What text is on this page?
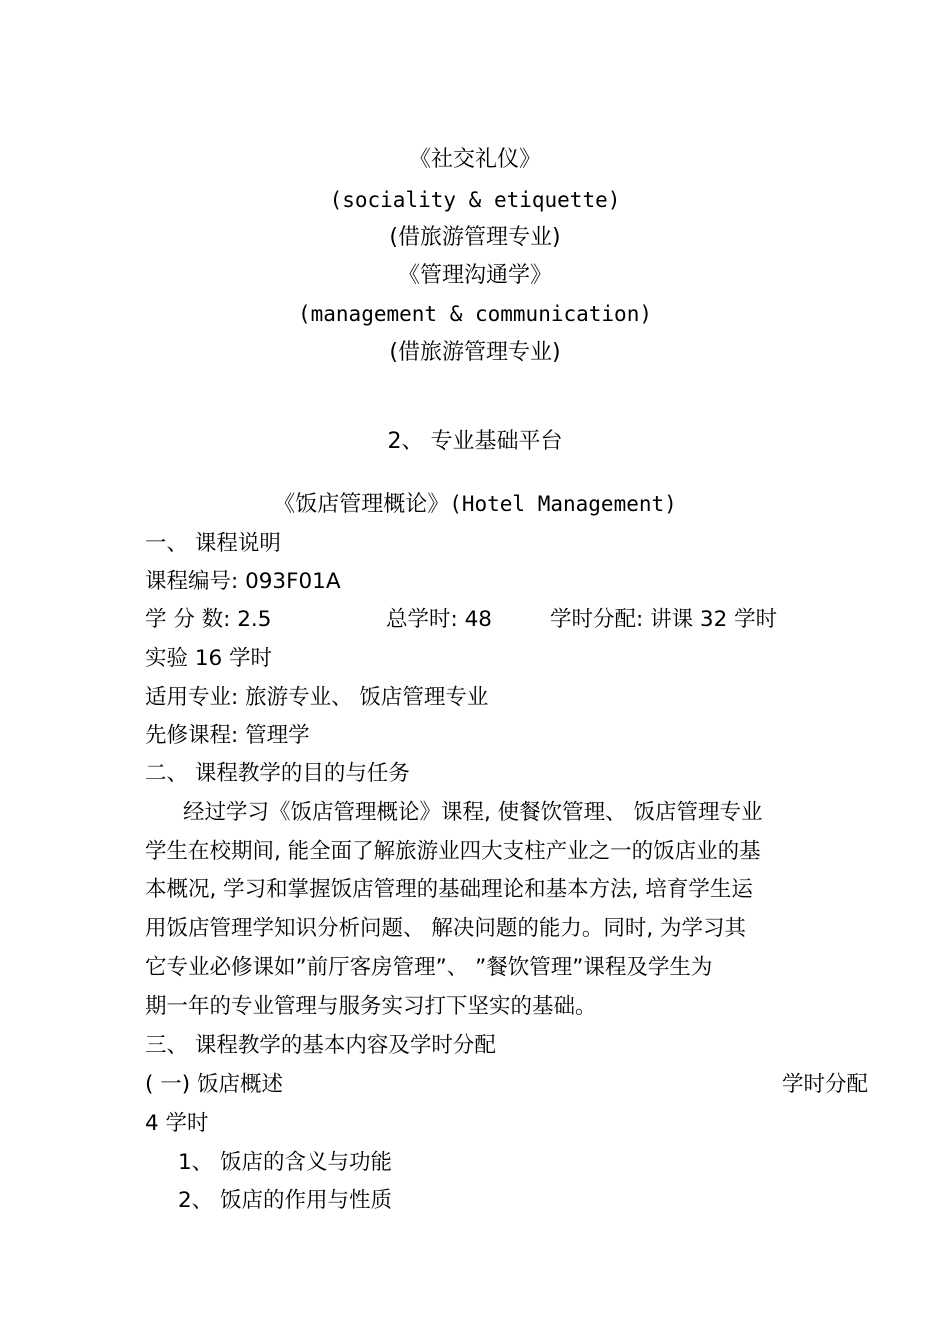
《社交礼仪》
(sociality & etiquette)
(借旅游管理专业)
《管理沟通学》
(management & communication)
(借旅游管理专业)
2、 专业基础平台
《饭店管理概论》(Hotel Management)
一、 课程说明
课程编号: 093F01A
学 分 数: 2.5	总学时: 48	学时分配: 讲课 32 学时
实验 16 学时
适用专业: 旅游专业、 饭店管理专业
先修课程: 管理学
二、 课程教学的目的与任务
经过学习《饭店管理概论》课程, 使餐饮管理、 饭店管理专业
学生在校期间, 能全面了解旅游业四大支柱产业之一的饭店业的基
本概况, 学习和掌握饭店管理的基础理论和基本方法, 培育学生运
用饭店管理学知识分析问题、 解决问题的能力。同时, 为学习其
它专业必修课如”前厅客房管理”、 ”餐饮管理”课程及学生为
期一年的专业管理与服务实习打下坚实的基础。
三、 课程教学的基本内容及学时分配
( 一) 饭店概述	学时分配
4 学时
1、 饭店的含义与功能
2、 饭店的作用与性质
